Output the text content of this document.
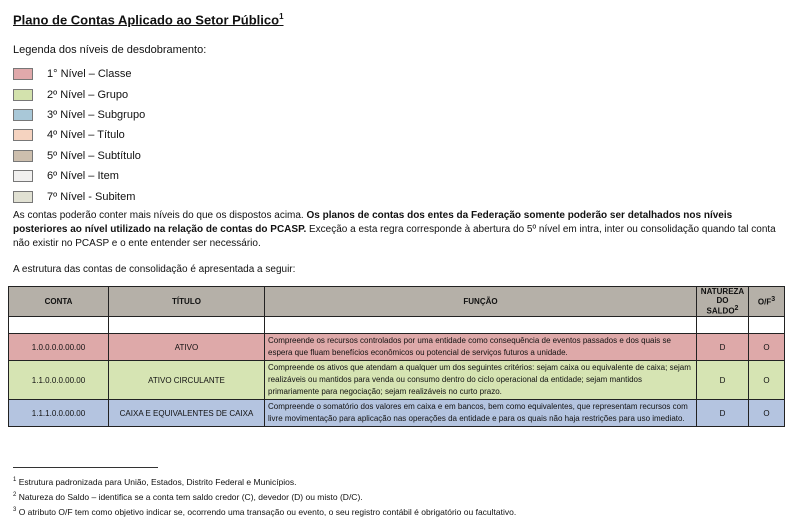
Plano de Contas Aplicado ao Setor Público$^1$
Legenda dos níveis de desdobramento:
1° Nível – Classe
2º Nível – Grupo
3º Nível – Subgrupo
4º Nível – Título
5º Nível – Subtítulo
6º Nível – Item
7º Nível - Subitem
As contas poderão conter mais níveis do que os dispostos acima. Os planos de contas dos entes da Federação somente poderão ser detalhados nos níveis posteriores ao nível utilizado na relação de contas do PCASP. Exceção a esta regra corresponde à abertura do 5º nível em intra, inter ou consolidação quando tal conta não existir no PCASP e o ente entender ser necessário.
A estrutura das contas de consolidação é apresentada a seguir:
CONTA	TÍTULO	FUNÇÃO	NATUREZA DO SALDO$^2$	$O/F^3$

1.0.0.0.0.00.00	ATIVO	Compreende os recursos controlados por uma entidade como consequência de eventos passados e dos quais se espera que fluam benefícios econômicos ou potencial de serviços futuros a unidade.	D	O
1.1.0.0.0.00.00	ATIVO CIRCULANTE	Compreende os ativos que atendam a qualquer um dos seguintes critérios: sejam caixa ou equivalente de caixa; sejam realizáveis ou mantidos para venda ou consumo dentro do ciclo operacional da entidade; sejam mantidos primariamente para negociação; sejam realizáveis no curto prazo.	D	O
1.1.1.0.0.00.00	CAIXA E EQUIVALENTES DE CAIXA	Compreende o somatório dos valores em caixa e em bancos, bem como equivalentes, que representam recursos com livre movimentação para aplicação nas operações da entidade e para os quais não haja restrições para uso imediato.	D	O
$^1$ Estrutura padronizada para União, Estados, Distrito Federal e Municípios.
$^2$ Natureza do Saldo – identifica se a conta tem saldo credor (C), devedor (D) ou misto (D/C).
$^3$ O atributo O/F tem como objetivo indicar se, ocorrendo uma transação ou evento, o seu registro contábil é obrigatório ou facultativo.
